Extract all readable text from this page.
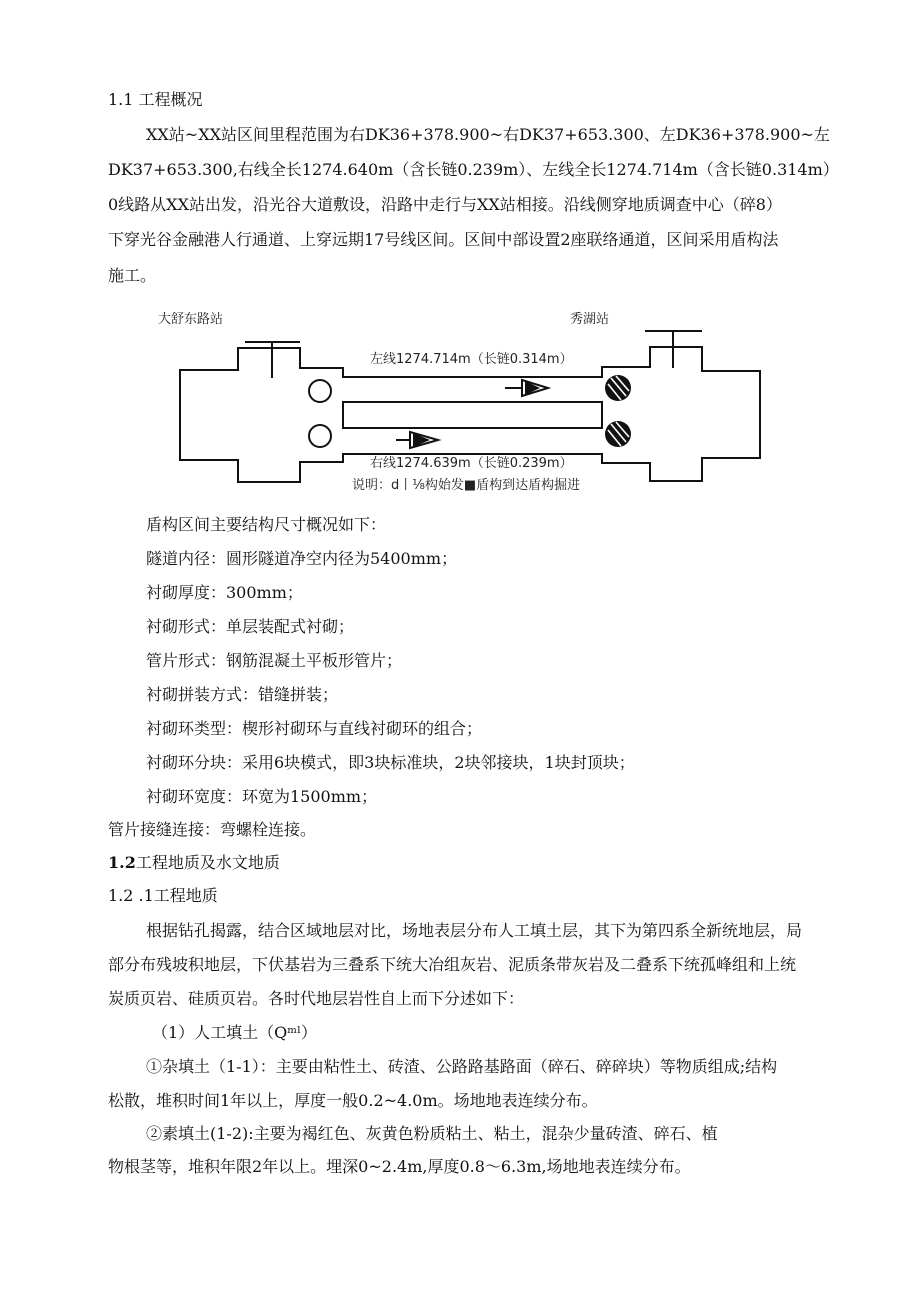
1.1 工程概况
XX站~XX站区间里程范围为右DK36+378.900~右DK37+653.300、左DK36+378.900~左
DK37+653.300,右线全长1274.640m（含长链0.239m）、左线全长1274.714m（含长链0.314m）
0线路从XX站出发，沿光谷大道敷设，沿路中走行与XX站相接。沿线侧穿地质调查中心（碎8）
下穿光谷金融港人行通道、上穿远期17号线区间。区间中部设置2座联络通道，区间采用盾构法
施工。
大舒东路站	秀湖站
左线1274.714m（长链0.314m）
右线1274.639m（长链0.239m）
说明：d丨⅛构始发■盾构到达盾构掘进
盾构区间主要结构尺寸概况如下：
隧道内径：圆形隧道净空内径为5400mm；
衬砌厚度：300mm；
衬砌形式：单层装配式衬砌；
管片形式：钢筋混凝土平板形管片；
衬砌拼装方式：错缝拼装；
衬砌环类型：楔形衬砌环与直线衬砌环的组合；
衬砌环分块：采用6块模式，即3块标准块，2块邻接块，1块封顶块；
衬砌环宽度：环宽为1500mm；
管片接缝连接：弯螺栓连接。
1.2工程地质及水文地质
1.2 .1工程地质
根据钻孔揭露，结合区域地层对比，场地表层分布人工填土层，其下为第四系全新统地层，局
部分布残坡积地层，下伏基岩为三叠系下统大冶组灰岩、泥质条带灰岩及二叠系下统孤峰组和上统
炭质页岩、硅质页岩。各时代地层岩性自上而下分述如下：
（1）人工填土（Qᵐˡ）
①杂填土（1-1）：主要由粘性土、砖渣、公路路基路面（碎石、碎碎块）等物质组成;结构
松散，堆积时间1年以上，厚度一般0.2~4.0m。场地地表连续分布。
②素填土(1-2):主要为褐红色、灰黄色粉质粘土、粘土，混杂少量砖渣、碎石、植
物根茎等，堆积年限2年以上。埋深0~2.4m,厚度0.8～6.3m,场地地表连续分布。
